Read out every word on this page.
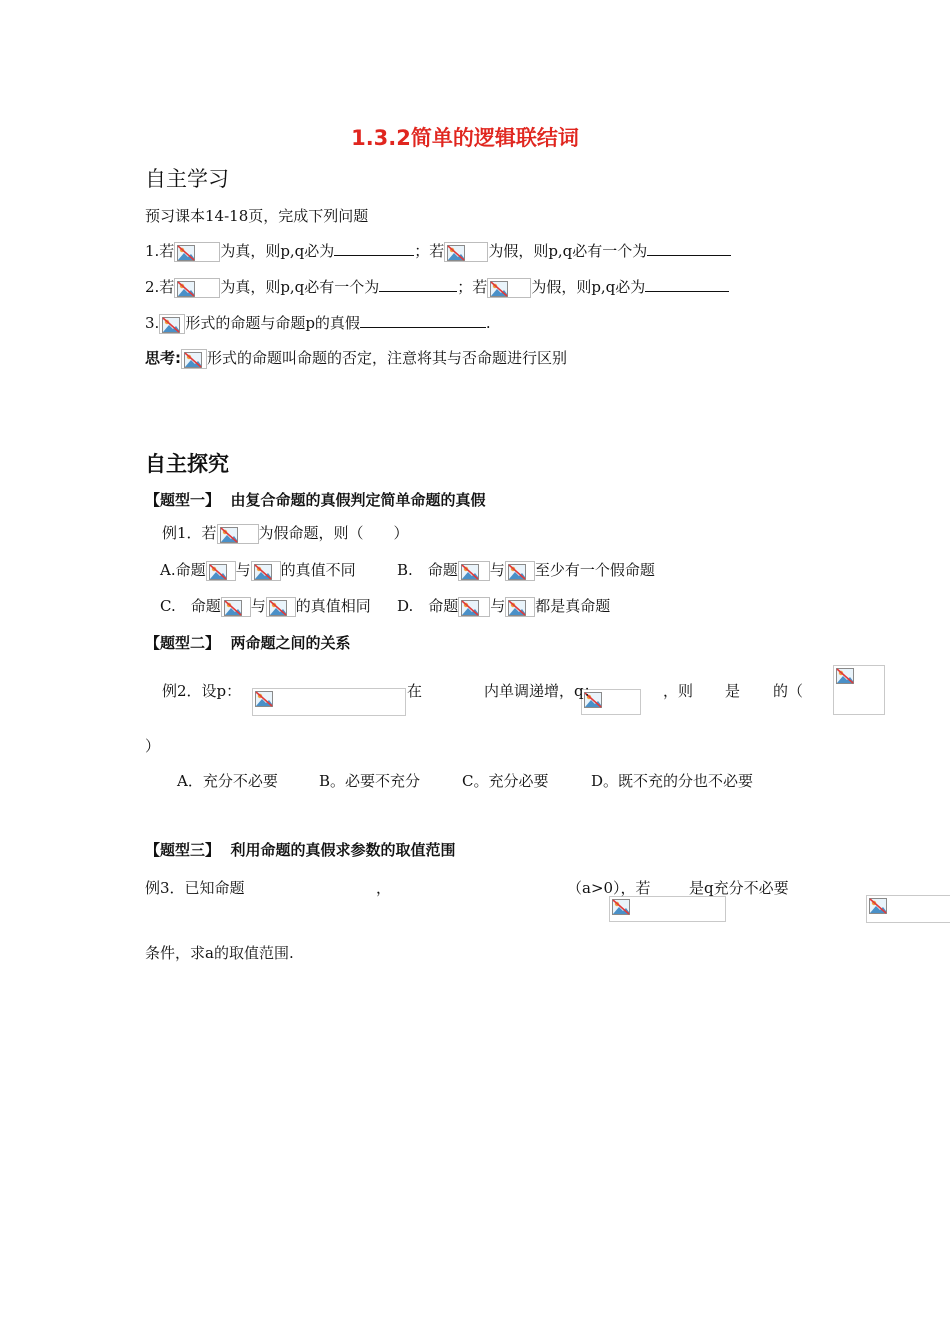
1.3.2简单的逻辑联结词
自主学习
预习课本14-18页，完成下列问题
1.若	为真，则p,q必为	；若	为假，则p,q必有一个为
2.若	为真，则p,q必有一个为	；若	为假，则p,q必为
3. 形式的命题与命题p的真假	.
思考: 形式的命题叫命题的否定，注意将其与否命题进行区别
自主探究
【题型一】 由复合命题的真假判定简单命题的真假
例1．若	为假命题，则（　　）
A.命题 与 的真值不同	B.　命题 与 至少有一个假命题
C.　命题 与 的真值相同 D.　命题 与 都是真命题
【题型二】 两命题之间的关系
例2．设p：
	在
	内单调递增，q：
	，则
是
的（
）
A．充分不必要	B。必要不充分	C。充分必要	D。既不充的分也不必要
【题型三】 利用命题的真假求参数的取值范围
例3．已知命题
	，
	（a>0），若	是q充分不必要
条件，求a的取值范围.
